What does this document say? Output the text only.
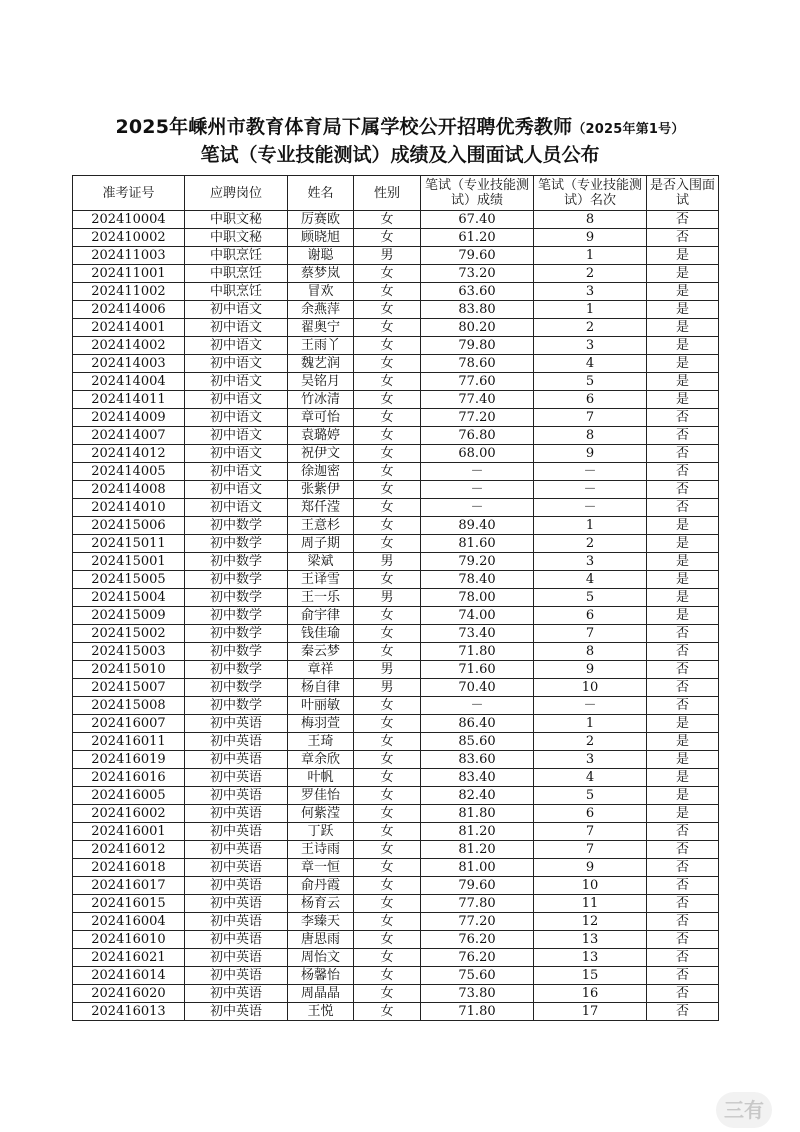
2025年嵊州市教育体育局下属学校公开招聘优秀教师（2025年第1号）
笔试（专业技能测试）成绩及入围面试人员公布
准考证号	应聘岗位	姓名	性别	笔试（专业技能测试）成绩	笔试（专业技能测试）名次	是否入围面试
202410004	中职文秘	厉赛欧	女	67.40	8	否
202410002	中职文秘	顾晓旭	女	61.20	9	否
202411003	中职烹饪	谢聪	男	79.60	1	是
202411001	中职烹饪	蔡梦岚	女	73.20	2	是
202411002	中职烹饪	冒欢	女	63.60	3	是
202414006	初中语文	余燕萍	女	83.80	1	是
202414001	初中语文	翟奥宁	女	80.20	2	是
202414002	初中语文	王雨丫	女	79.80	3	是
202414003	初中语文	魏艺润	女	78.60	4	是
202414004	初中语文	吴铭月	女	77.60	5	是
202414011	初中语文	竹冰清	女	77.40	6	是
202414009	初中语文	章可怡	女	77.20	7	否
202414007	初中语文	袁璐婷	女	76.80	8	否
202414012	初中语文	祝伊文	女	68.00	9	否
202414005	初中语文	徐迦密	女	－	－	否
202414008	初中语文	张紫伊	女	－	－	否
202414010	初中语文	郑仟滢	女	－	－	否
202415006	初中数学	王意杉	女	89.40	1	是
202415011	初中数学	周子期	女	81.60	2	是
202415001	初中数学	梁斌	男	79.20	3	是
202415005	初中数学	王译雪	女	78.40	4	是
202415004	初中数学	王一乐	男	78.00	5	是
202415009	初中数学	俞宇律	女	74.00	6	是
202415002	初中数学	钱佳瑜	女	73.40	7	否
202415003	初中数学	秦云梦	女	71.80	8	否
202415010	初中数学	章祥	男	71.60	9	否
202415007	初中数学	杨自律	男	70.40	10	否
202415008	初中数学	叶丽敏	女	－	－	否
202416007	初中英语	梅羽萱	女	86.40	1	是
202416011	初中英语	王琦	女	85.60	2	是
202416019	初中英语	章余欣	女	83.60	3	是
202416016	初中英语	叶帆	女	83.40	4	是
202416005	初中英语	罗佳怡	女	82.40	5	是
202416002	初中英语	何紫滢	女	81.80	6	是
202416001	初中英语	丁跃	女	81.20	7	否
202416012	初中英语	王诗雨	女	81.20	7	否
202416018	初中英语	章一恒	女	81.00	9	否
202416017	初中英语	俞丹霞	女	79.60	10	否
202416015	初中英语	杨育云	女	77.80	11	否
202416004	初中英语	李臻天	女	77.20	12	否
202416010	初中英语	唐思雨	女	76.20	13	否
202416021	初中英语	周怡文	女	76.20	13	否
202416014	初中英语	杨馨怡	女	75.60	15	否
202416020	初中英语	周晶晶	女	73.80	16	否
202416013	初中英语	王悦	女	71.80	17	否
三有
